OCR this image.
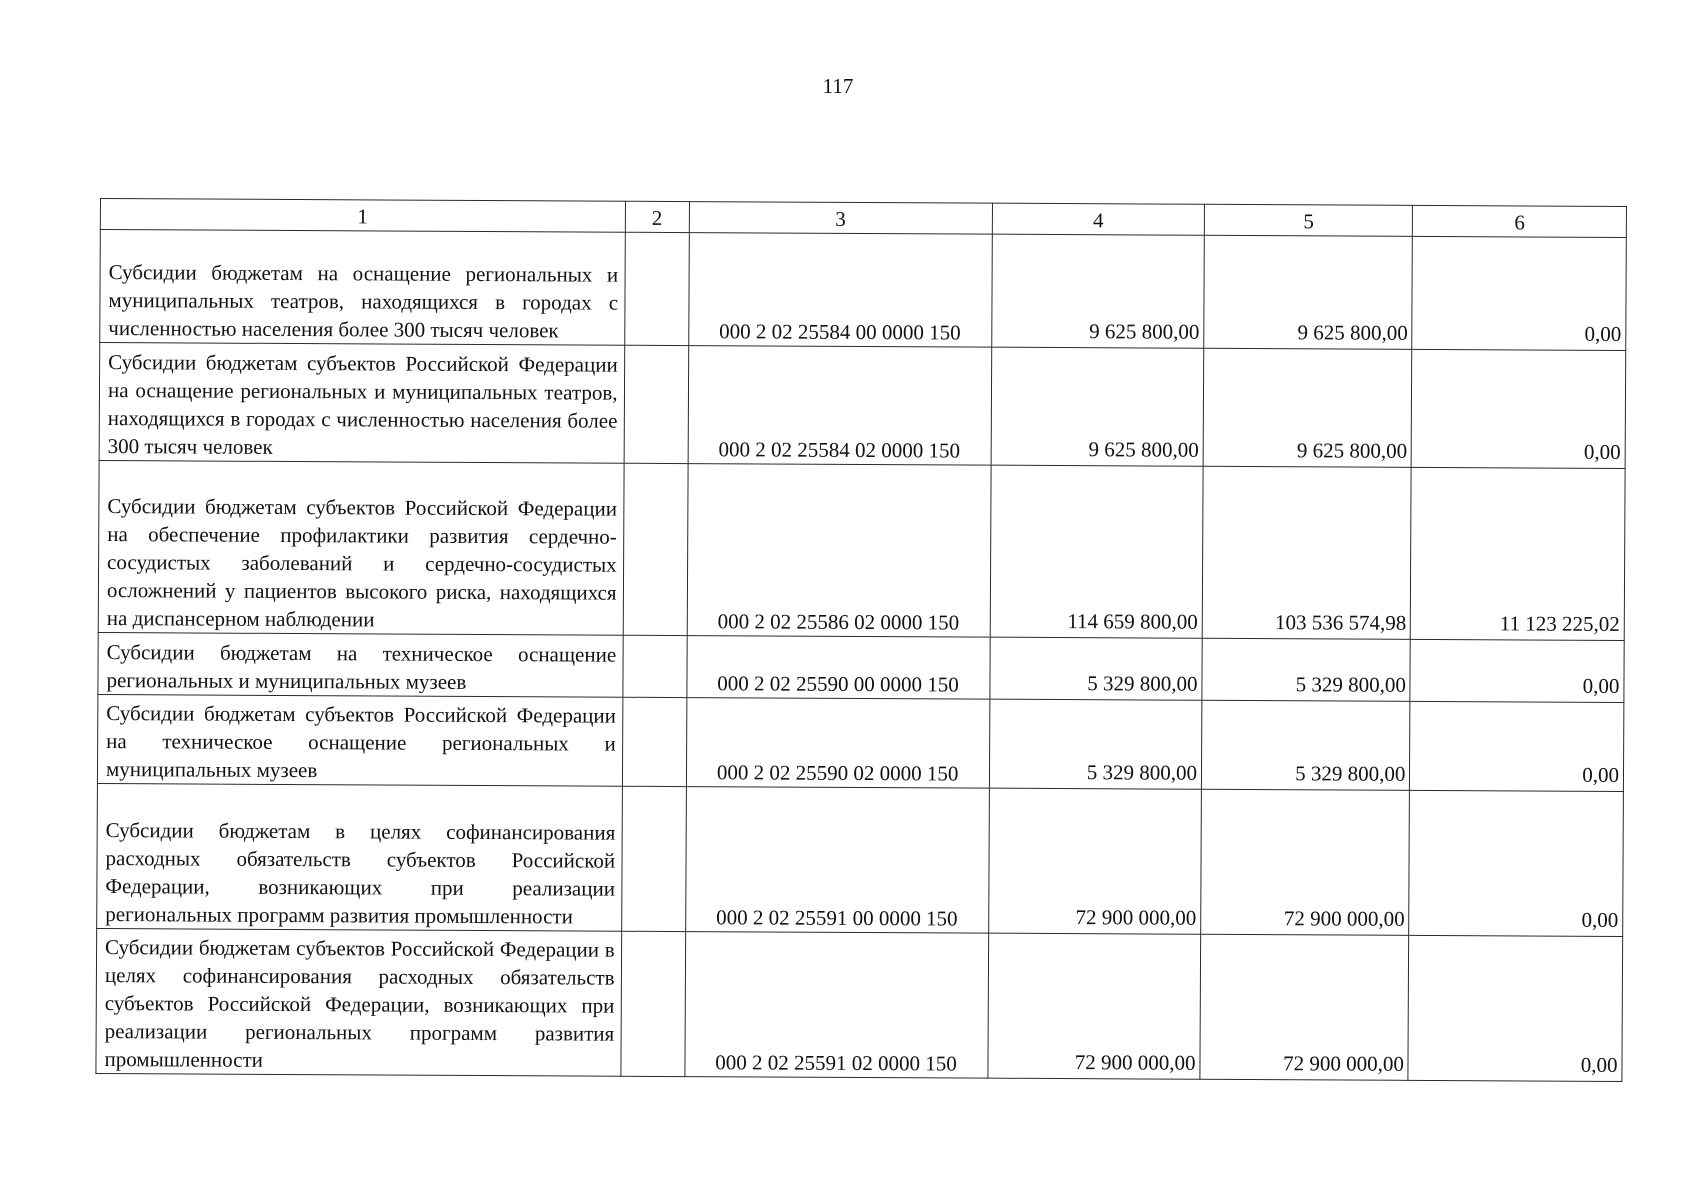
117
1	2	3	4	5	6
Субсидии бюджетам на оснащение региональных и муниципальных театров, находящихся в городах с численностью населения более 300 тысяч человек		000 2 02 25584 00 0000 150	9 625 800,00	9 625 800,00	0,00
Субсидии бюджетам субъектов Российской Федерации на оснащение региональных и муниципальных театров, находящихся в городах с численностью населения более 300 тысяч человек		000 2 02 25584 02 0000 150	9 625 800,00	9 625 800,00	0,00
Субсидии бюджетам субъектов Российской Федерации на обеспечение профилактики развития сердечно-сосудистых заболеваний и сердечно-сосудистых осложнений у пациентов высокого риска, находящихся на диспансерном наблюдении		000 2 02 25586 02 0000 150	114 659 800,00	103 536 574,98	11 123 225,02
Субсидии бюджетам на техническое оснащение региональных и муниципальных музеев		000 2 02 25590 00 0000 150	5 329 800,00	5 329 800,00	0,00
Субсидии бюджетам субъектов Российской Федерации на техническое оснащение региональных и муниципальных музеев		000 2 02 25590 02 0000 150	5 329 800,00	5 329 800,00	0,00
Субсидии бюджетам в целях софинансирования расходных обязательств субъектов Российской Федерации, возникающих при реализации региональных программ развития промышленности		000 2 02 25591 00 0000 150	72 900 000,00	72 900 000,00	0,00
Субсидии бюджетам субъектов Российской Федерации в целях софинансирования расходных обязательств субъектов Российской Федерации, возникающих при реализации региональных программ развития промышленности		000 2 02 25591 02 0000 150	72 900 000,00	72 900 000,00	0,00
